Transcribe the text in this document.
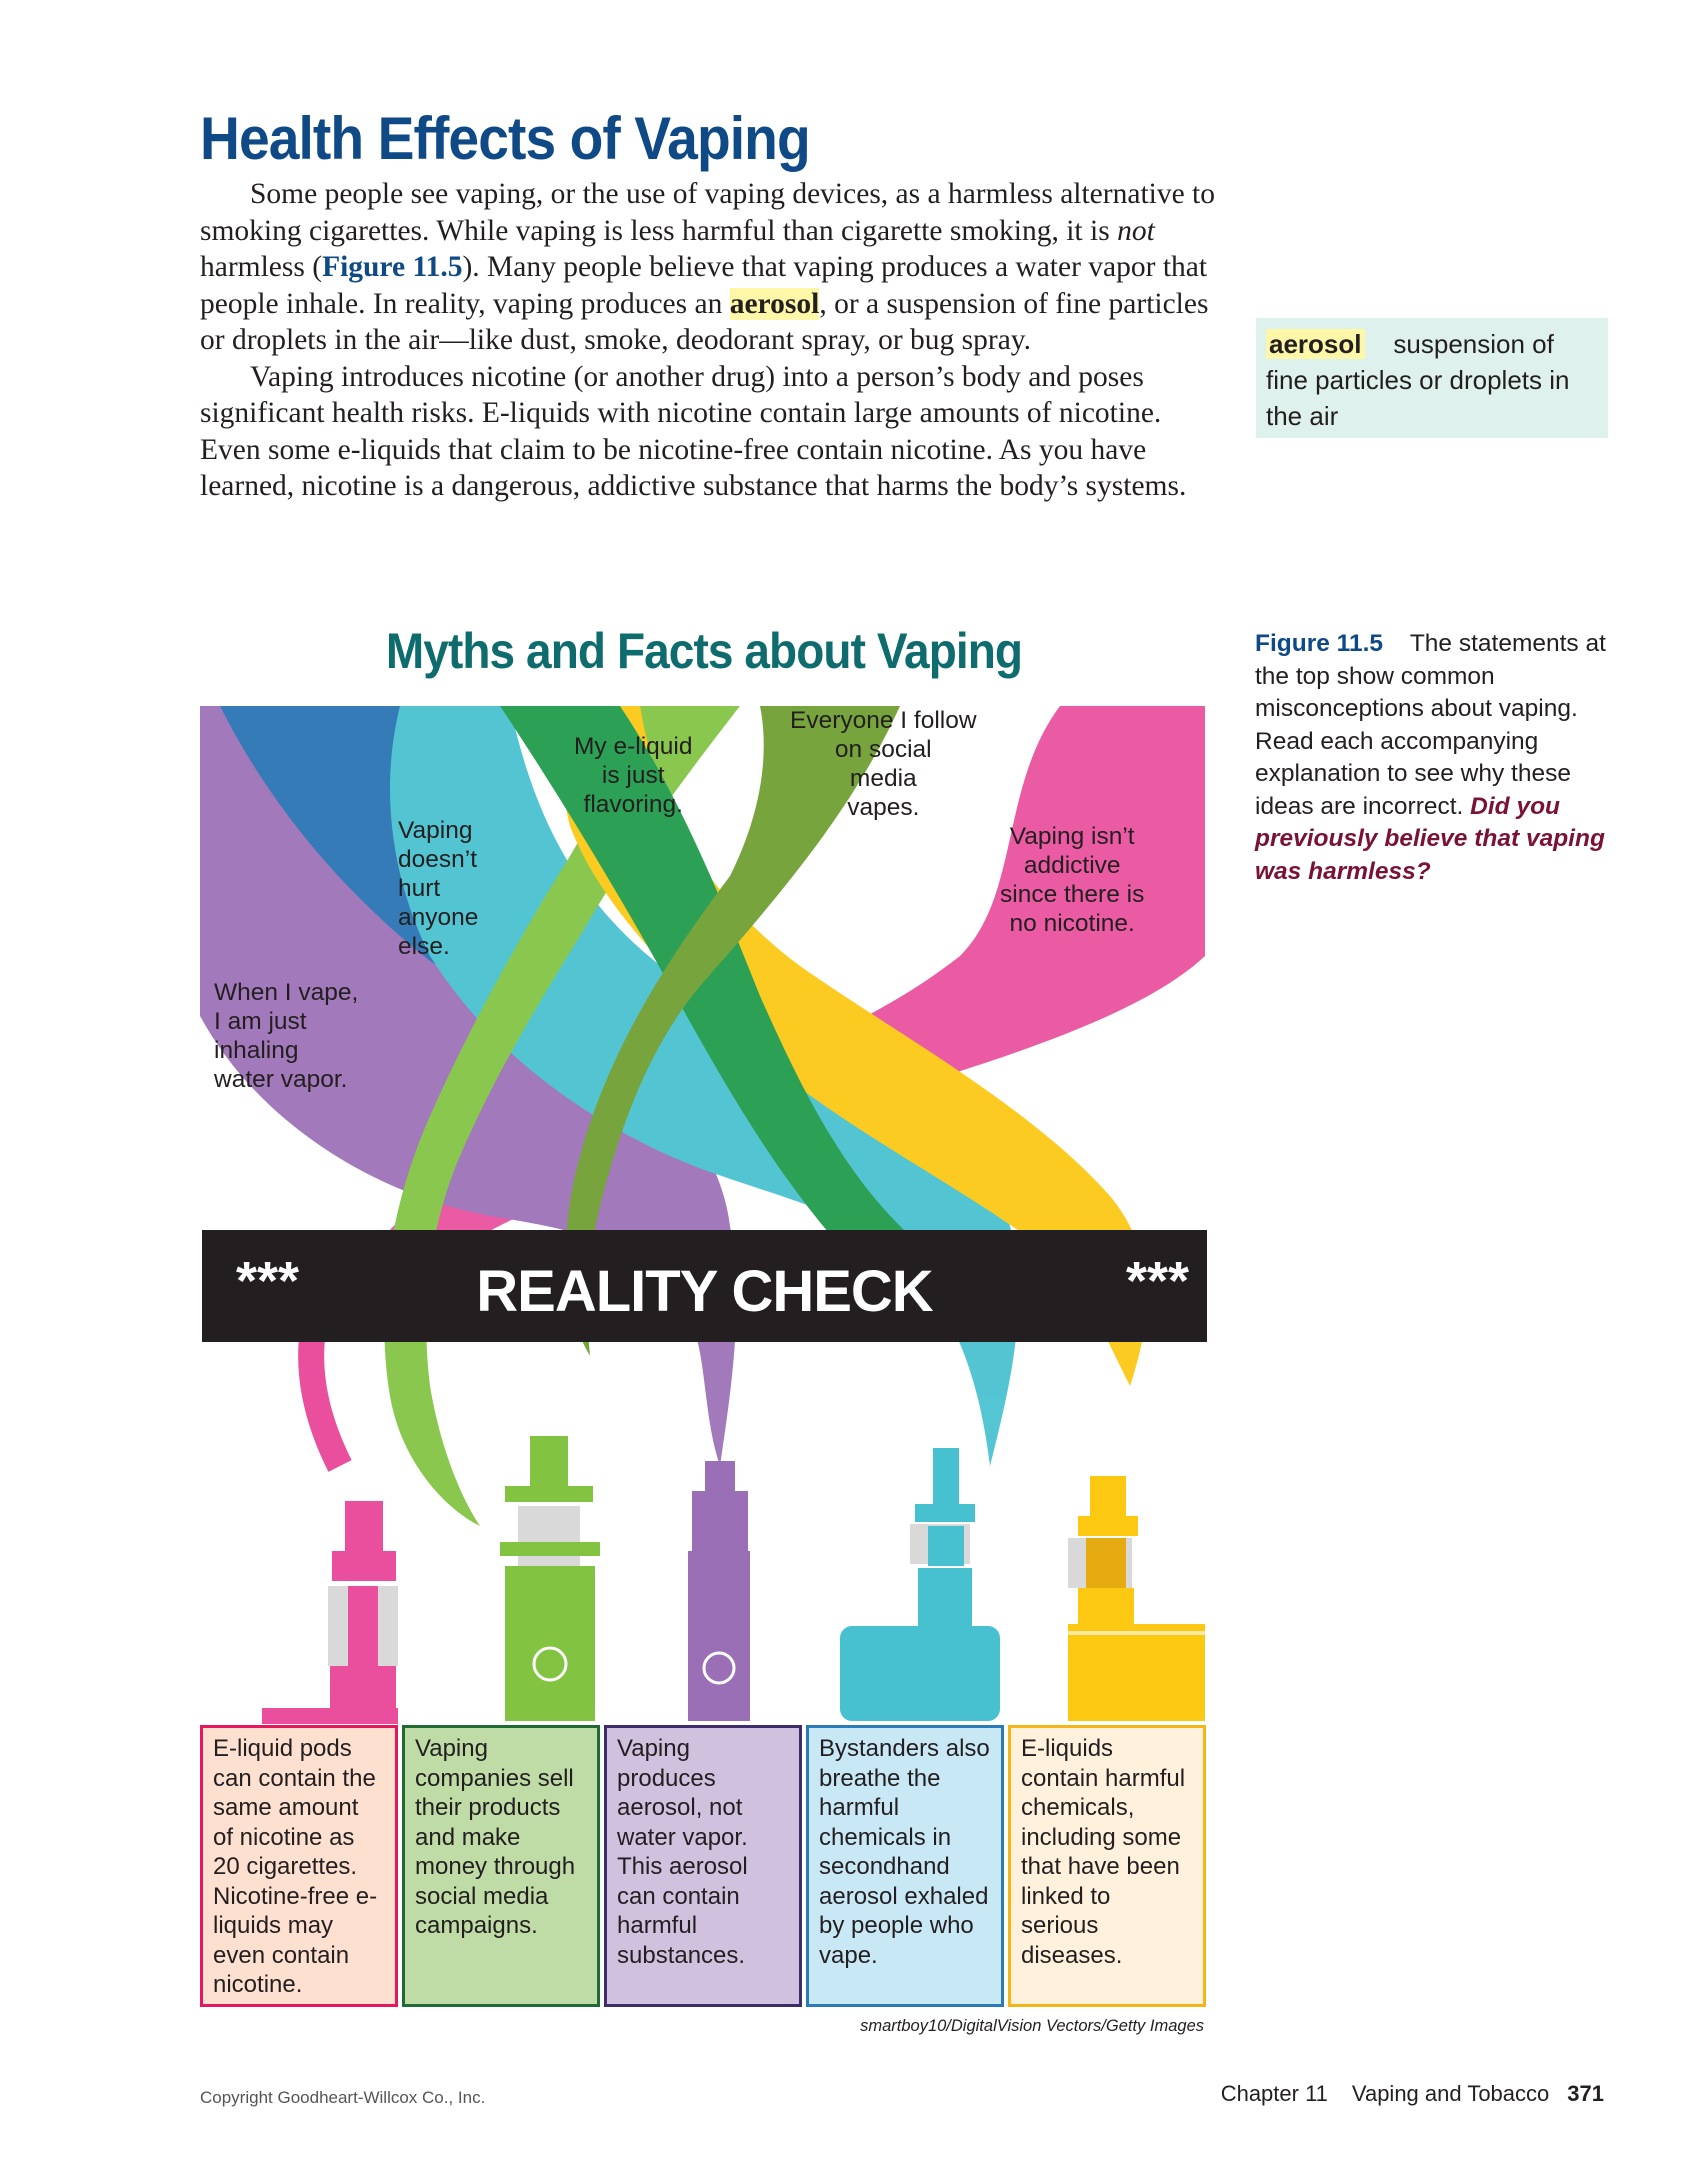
Health Effects of Vaping

Some people see vaping, or the use of vaping devices, as a harmless alternative to smoking cigarettes. While vaping is less harmful than cigarette smoking, it is not harmless (Figure 11.5). Many people believe that vaping produces a water vapor that people inhale. In reality, vaping produces an aerosol, or a suspension of fine particles or droplets in the air—like dust, smoke, deodorant spray, or bug spray.

Vaping introduces nicotine (or another drug) into a person’s body and poses significant health risks. E-liquids with nicotine contain large amounts of nicotine. Even some e-liquids that claim to be nicotine-free contain nicotine. As you have learned, nicotine is a dangerous, addictive substance that harms the body’s systems.

aerosol suspension of fine particles or droplets in the air
Figure 11.5 The statements at the top show common misconceptions about vaping. Read each accompanying explanation to see why these ideas are incorrect. Did you previously believe that vaping was harmless?
Myths and Facts about Vaping
When I vape,
I am just
inhaling
water vapor.
Vaping
doesn’t
hurt
anyone
else.
My e-liquid
is just
flavoring.
Everyone I follow
on social
media
vapes.
Vaping isn’t
addictive
since there is
no nicotine.
***	REALITY CHECK	***
E-liquid pods can contain the same amount of nicotine as 20 cigarettes. Nicotine-free e-liquids may even contain nicotine.
Vaping companies sell their products and make money through social media campaigns.
Vaping produces aerosol, not water vapor. This aerosol can contain harmful substances.
Bystanders also breathe the harmful chemicals in secondhand aerosol exhaled by people who vape.
E-liquids contain harmful chemicals, including some that have been linked to serious diseases.
smartboy10/DigitalVision Vectors/Getty Images
Copyright Goodheart-Willcox Co., Inc.	Chapter 11 Vaping and Tobacco 371
